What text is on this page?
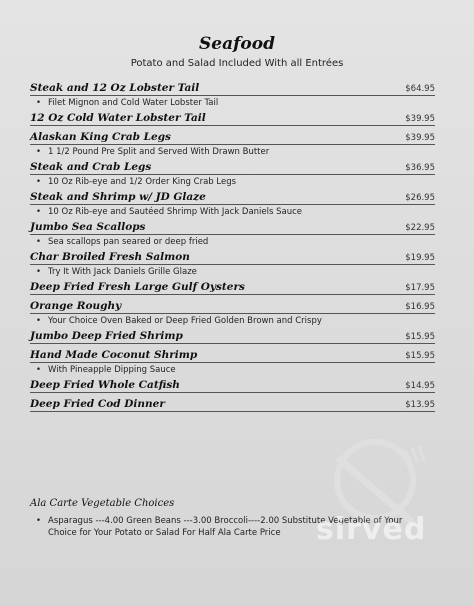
Seafood
Potato and Salad Included With all Entrées
Steak and 12 Oz Lobster Tail	$64.95
• Filet Mignon and Cold Water Lobster Tail
12 Oz Cold Water Lobster Tail	$39.95
Alaskan King Crab Legs	$39.95
• 1 1/2 Pound Pre Split and Served With Drawn Butter
Steak and Crab Legs	$36.95
• 10 Oz Rib-eye and 1/2 Order King Crab Legs
Steak and Shrimp w/ JD Glaze	$26.95
• 10 Oz Rib-eye and Sautéed Shrimp With Jack Daniels Sauce
Jumbo Sea Scallops	$22.95
• Sea scallops pan seared or deep fried
Char Broiled Fresh Salmon	$19.95
• Try It With Jack Daniels Grille Glaze
Deep Fried Fresh Large Gulf Oysters	$17.95
Orange Roughy	$16.95
• Your Choice Oven Baked or Deep Fried Golden Brown and Crispy
Jumbo Deep Fried Shrimp	$15.95
Hand Made Coconut Shrimp	$15.95
• With Pineapple Dipping Sauce
Deep Fried Whole Catfish	$14.95
Deep Fried Cod Dinner	$13.95
Ala Carte Vegetable Choices
• Asparagus ---4.00 Green Beans ---3.00 Broccoli----2.00 Substitute Vegetable of Your
Choice for Your Potato or Salad For Half Ala Carte Price	sirved
